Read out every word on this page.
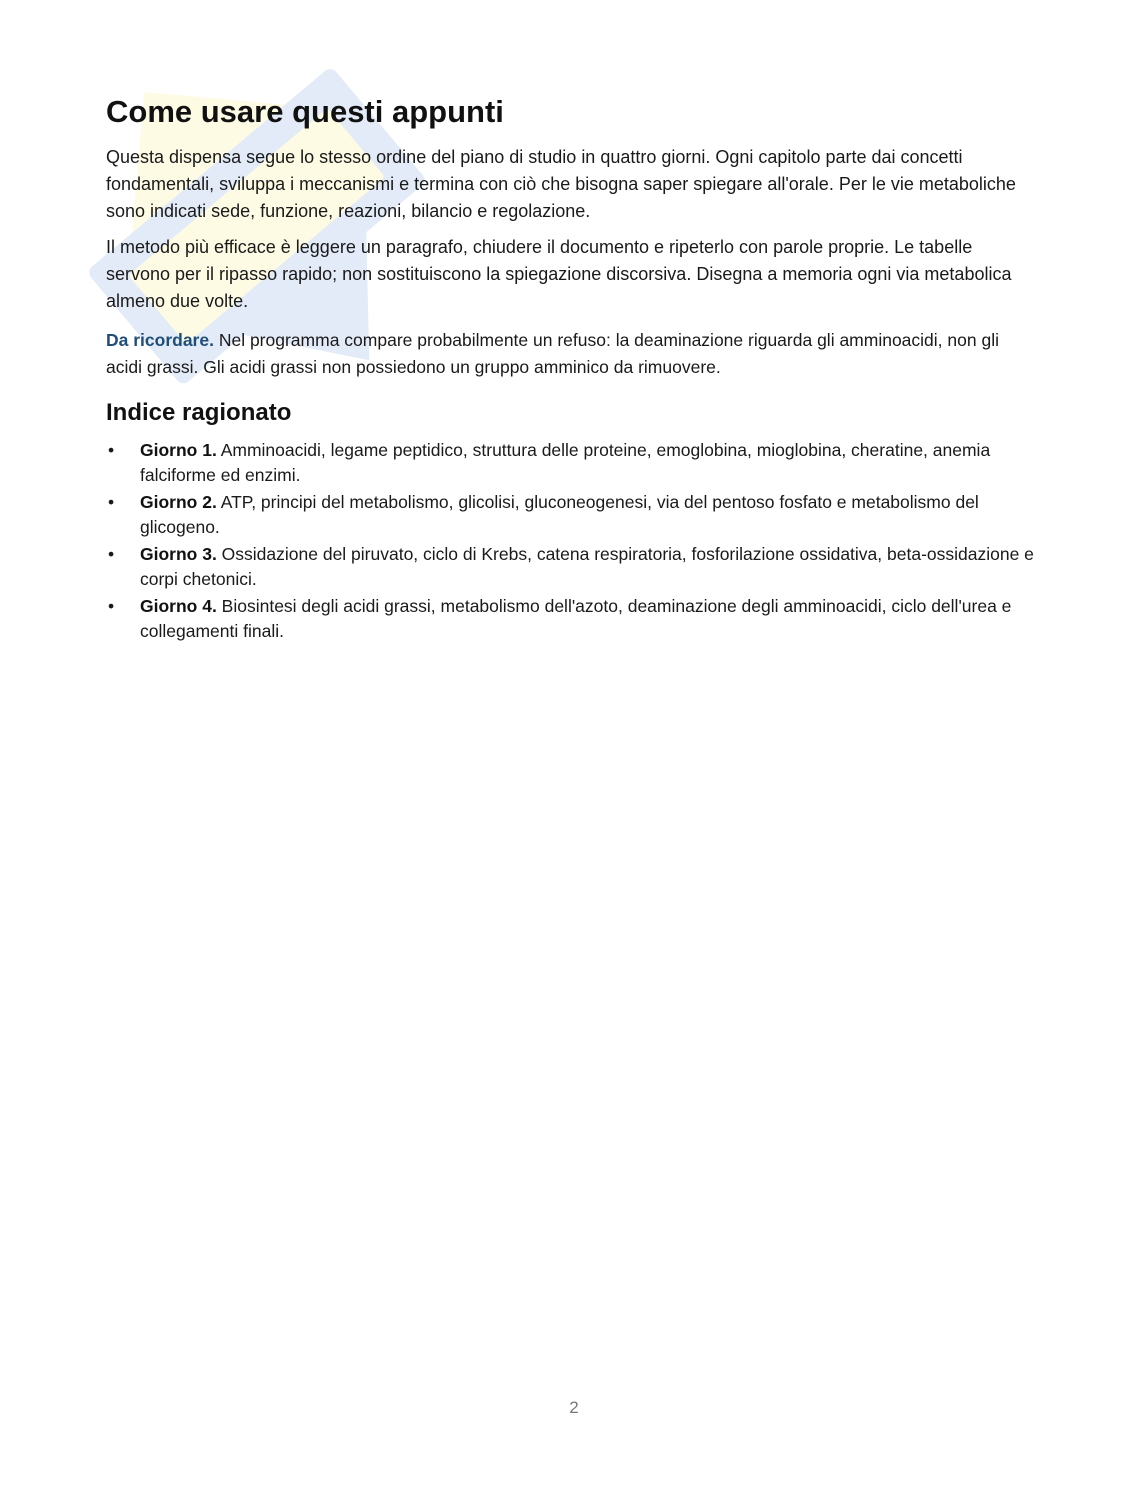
Come usare questi appunti

Questa dispensa segue lo stesso ordine del piano di studio in quattro giorni. Ogni capitolo parte dai concetti fondamentali, sviluppa i meccanismi e termina con ciò che bisogna saper spiegare all'orale. Per le vie metaboliche sono indicati sede, funzione, reazioni, bilancio e regolazione.

Il metodo più efficace è leggere un paragrafo, chiudere il documento e ripeterlo con parole proprie. Le tabelle servono per il ripasso rapido; non sostituiscono la spiegazione discorsiva. Disegna a memoria ogni via metabolica almeno due volte.

Da ricordare. Nel programma compare probabilmente un refuso: la deaminazione riguarda gli amminoacidi, non gli acidi grassi. Gli acidi grassi non possiedono un gruppo amminico da rimuovere.

Indice ragionato
• Giorno 1. Amminoacidi, legame peptidico, struttura delle proteine, emoglobina, mioglobina, cheratine, anemia falciforme ed enzimi.
• Giorno 2. ATP, principi del metabolismo, glicolisi, gluconeogenesi, via del pentoso fosfato e metabolismo del glicogeno.
• Giorno 3. Ossidazione del piruvato, ciclo di Krebs, catena respiratoria, fosforilazione ossidativa, beta-ossidazione e corpi chetonici.
• Giorno 4. Biosintesi degli acidi grassi, metabolismo dell'azoto, deaminazione degli amminoacidi, ciclo dell'urea e collegamenti finali.
2
